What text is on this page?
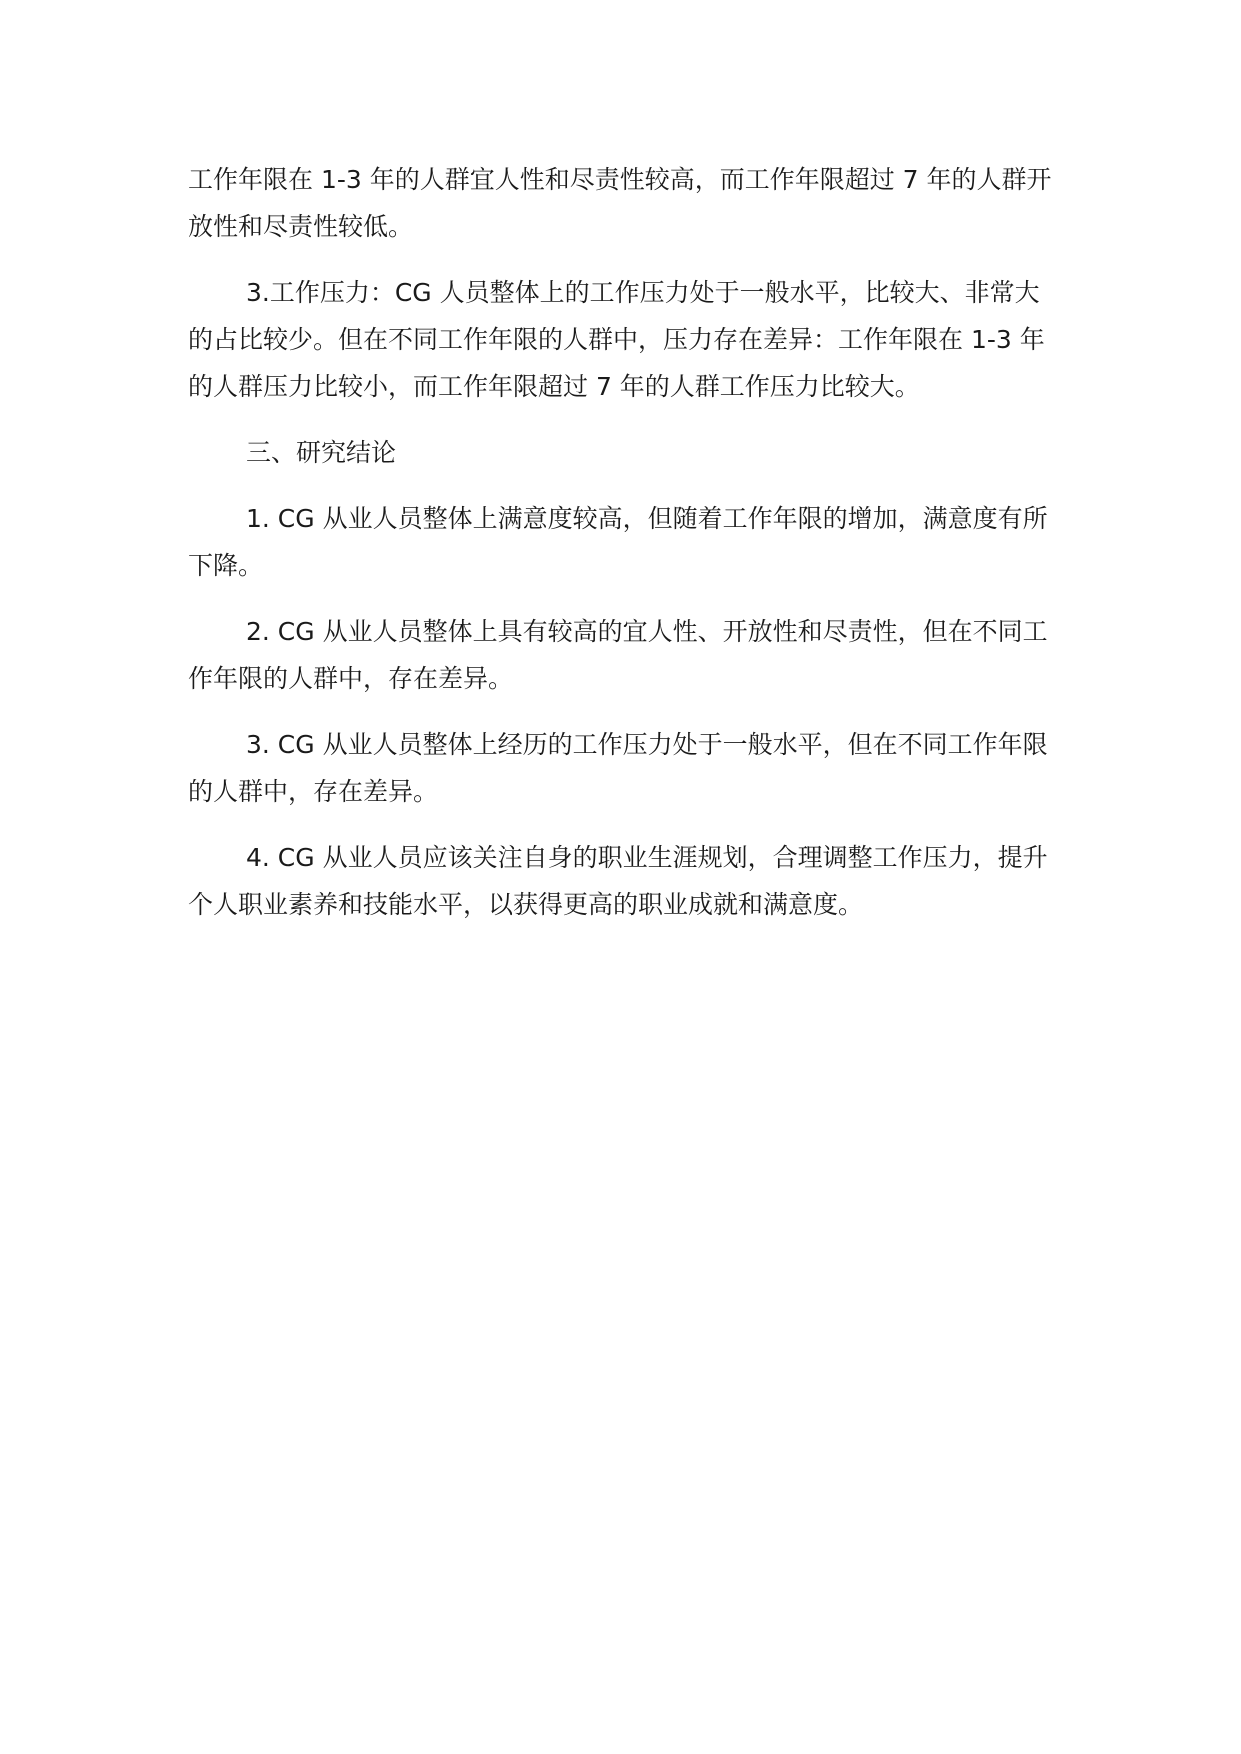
工作年限在 1-3 年的人群宜人性和尽责性较高，而工作年限超过 7 年的人群开放性和尽责性较低。

3.工作压力：CG 人员整体上的工作压力处于一般水平，比较大、非常大的占比较少。但在不同工作年限的人群中，压力存在差异：工作年限在 1-3 年的人群压力比较小，而工作年限超过 7 年的人群工作压力比较大。

三、研究结论

1. CG 从业人员整体上满意度较高，但随着工作年限的增加，满意度有所下降。

2. CG 从业人员整体上具有较高的宜人性、开放性和尽责性，但在不同工作年限的人群中，存在差异。

3. CG 从业人员整体上经历的工作压力处于一般水平，但在不同工作年限的人群中，存在差异。

4. CG 从业人员应该关注自身的职业生涯规划，合理调整工作压力，提升个人职业素养和技能水平，以获得更高的职业成就和满意度。
